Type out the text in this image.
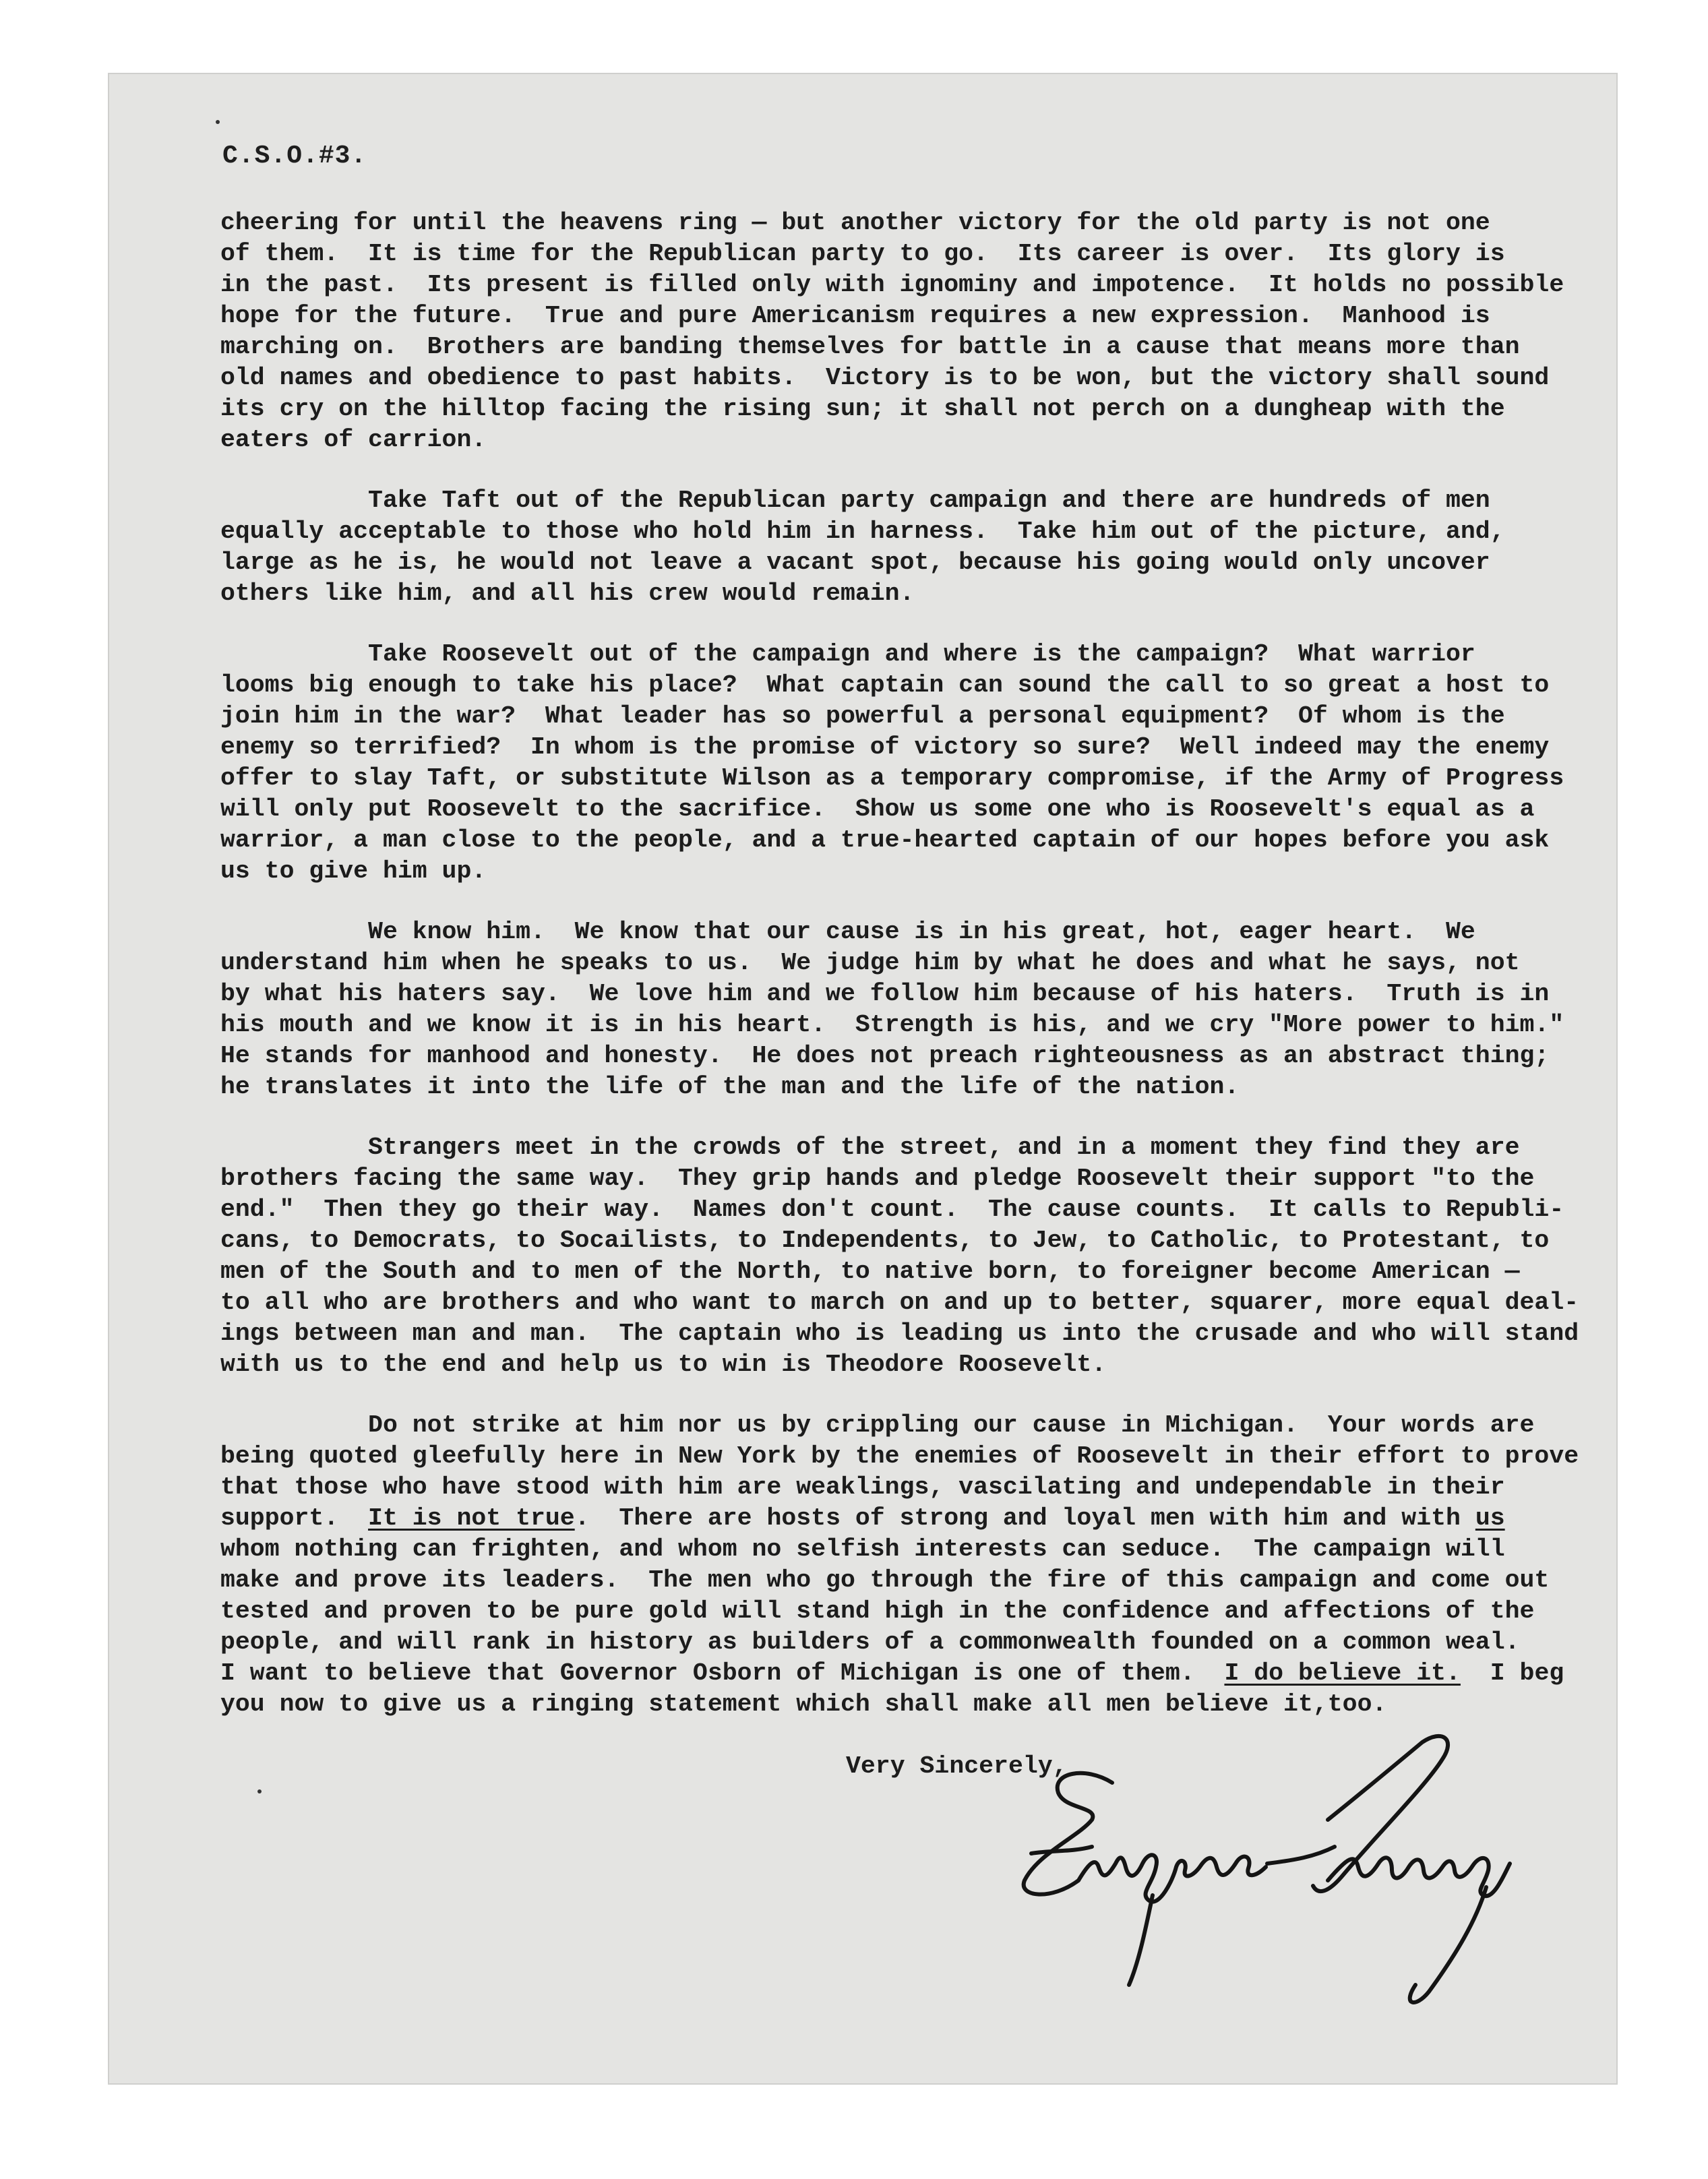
C.S.O.#3.
cheering for until the heavens ring — but another victory for the old party is not one
of them.  It is time for the Republican party to go.  Its career is over.  Its glory is
in the past.  Its present is filled only with ignominy and impotence.  It holds no possible
hope for the future.  True and pure Americanism requires a new expression.  Manhood is
marching on.  Brothers are banding themselves for battle in a cause that means more than
old names and obedience to past habits.  Victory is to be won, but the victory shall sound
its cry on the hilltop facing the rising sun; it shall not perch on a dungheap with the
eaters of carrion.
Take Taft out of the Republican party campaign and there are hundreds of men
equally acceptable to those who hold him in harness.  Take him out of the picture, and,
large as he is, he would not leave a vacant spot, because his going would only uncover
others like him, and all his crew would remain.
Take Roosevelt out of the campaign and where is the campaign?  What warrior
looms big enough to take his place?  What captain can sound the call to so great a host to
join him in the war?  What leader has so powerful a personal equipment?  Of whom is the
enemy so terrified?  In whom is the promise of victory so sure?  Well indeed may the enemy
offer to slay Taft, or substitute Wilson as a temporary compromise, if the Army of Progress
will only put Roosevelt to the sacrifice.  Show us some one who is Roosevelt's equal as a
warrior, a man close to the people, and a true-hearted captain of our hopes before you ask
us to give him up.
We know him.  We know that our cause is in his great, hot, eager heart.  We
understand him when he speaks to us.  We judge him by what he does and what he says, not
by what his haters say.  We love him and we follow him because of his haters.  Truth is in
his mouth and we know it is in his heart.  Strength is his, and we cry "More power to him."
He stands for manhood and honesty.  He does not preach righteousness as an abstract thing;
he translates it into the life of the man and the life of the nation.
Strangers meet in the crowds of the street, and in a moment they find they are
brothers facing the same way.  They grip hands and pledge Roosevelt their support "to the
end."  Then they go their way.  Names don't count.  The cause counts.  It calls to Republi-
cans, to Democrats, to Socailists, to Independents, to Jew, to Catholic, to Protestant, to
men of the South and to men of the North, to native born, to foreigner become American —
to all who are brothers and who want to march on and up to better, squarer, more equal deal-
ings between man and man.  The captain who is leading us into the crusade and who will stand
with us to the end and help us to win is Theodore Roosevelt.
Do not strike at him nor us by crippling our cause in Michigan.  Your words are
being quoted gleefully here in New York by the enemies of Roosevelt in their effort to prove
that those who have stood with him are weaklings, vascilating and undependable in their
support.  It is not true.  There are hosts of strong and loyal men with him and with us
whom nothing can frighten, and whom no selfish interests can seduce.  The campaign will
make and prove its leaders.  The men who go through the fire of this campaign and come out
tested and proven to be pure gold will stand high in the confidence and affections of the
people, and will rank in history as builders of a commonwealth founded on a common weal.
I want to believe that Governor Osborn of Michigan is one of them.  I do believe it.  I beg
you now to give us a ringing statement which shall make all men believe it,too.
Very Sincerely,
